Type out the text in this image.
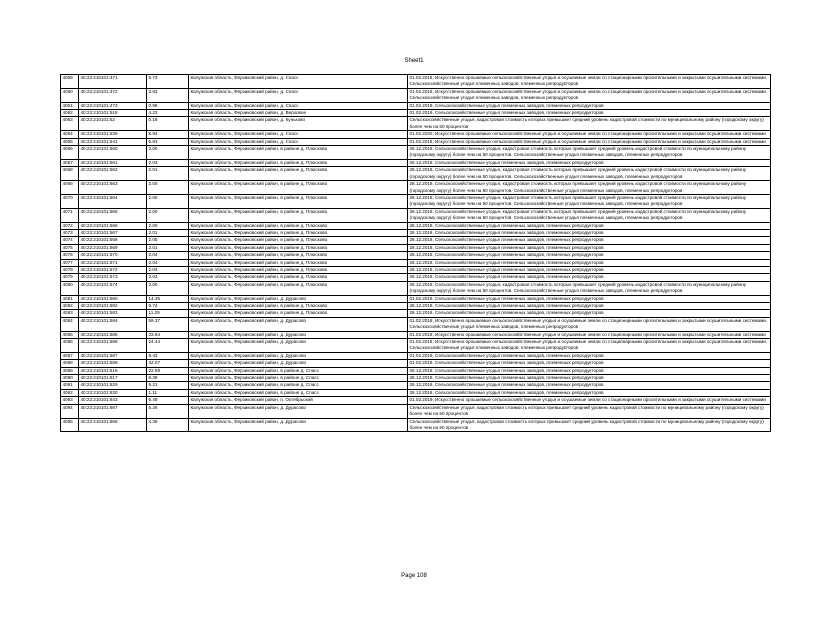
Sheet1
4059	40:22:210101:471	5.73	Калужская область, Ферзиковский район, д. Спасс	01.02.2018, Искусственно орошаемые сельскохозяйственные угодья и осушаемые земли со стационарными оросительными и закрытыми осушительными системами. Сельскохозяйственные угодья племенных заводов, племенных репродукторов
4060	40:22:210101:472	3.83	Калужская область, Ферзиковский район, д. Спасс	01.02.2018, Искусственно орошаемые сельскохозяйственные угодья и осушаемые земли со стационарными оросительными и закрытыми осушительными системами. Сельскохозяйственные угодья племенных заводов, племенных репродукторов
4061	40:22:210101:473	0.98	Калужская область, Ферзиковский район, д. Спасс	01.02.2019, Сельскохозяйственные угодья племенных заводов, племенных репродукторов
4062	40:22:210101:518	4.23	Калужская область, Ферзиковский район, д. Верховое	01.02.2019, Сельскохозяйственные угодья племенных заводов, племенных репродукторов
4063	40:22:210101:52	0.18	Калужская область, Ферзиковский район, д. Куньково	Сельскохозяйственные угодья, кадастровая стоимость которых превышает средний уровень кадастровой стоимости по муниципальному району (городскому округу) более чем на 50 процентов
4064	40:22:210101:539	8.94	Калужская область, Ферзиковский район, д. Спасс	01.02.2020, Искусственно орошаемые сельскохозяйственные угодья и осушаемые земли со стационарными оросительными и закрытыми осушительными системами
4065	40:22:210101:541	6.83	Калужская область, Ферзиковский район, д. Спасс	01.02.2018, Искусственно орошаемые сельскохозяйственные угодья и осушаемые земли со стационарными оросительными и закрытыми осушительными системами
4066	40:22:210101:560	2.00	Калужская область, Ферзиковский район, в районе д. Плюсково	28.12.2018, Сельскохозяйственные угодья, кадастровая стоимость которых превышает средний уровень кадастровой стоимости по муниципальному району (городскому округу) более чем на 50 процентов. Сельскохозяйственные угодья племенных заводов, племенных репродукторов
4067	40:22:210101:561	2.03	Калужская область, Ферзиковский район, в районе д. Плюсково	28.12.2018, Сельскохозяйственные угодья племенных заводов, племенных репродукторов
4068	40:22:210101:562	2.01	Калужская область, Ферзиковский район, в районе д. Плюсково	28.12.2018, Сельскохозяйственные угодья, кадастровая стоимость которых превышает средний уровень кадастровой стоимости по муниципальному району (городскому округу) более чем на 50 процентов. Сельскохозяйственные угодья племенных заводов, племенных репродукторов
4069	40:22:210101:563	2.00	Калужская область, Ферзиковский район, в районе д. Плюсково	28.12.2018, Сельскохозяйственные угодья, кадастровая стоимость которых превышает средний уровень кадастровой стоимости по муниципальному району (городскому округу) более чем на 50 процентов. Сельскохозяйственные угодья племенных заводов, племенных репродукторов
4070	40:22:210101:564	2.00	Калужская область, Ферзиковский район, в районе д. Плюсково	28.12.2018, Сельскохозяйственные угодья, кадастровая стоимость которых превышает средний уровень кадастровой стоимости по муниципальному району (городскому округу) более чем на 50 процентов. Сельскохозяйственные угодья племенных заводов, племенных репродукторов
4071	40:22:210101:565	2.00	Калужская область, Ферзиковский район, в районе д. Плюсково	28.12.2018, Сельскохозяйственные угодья, кадастровая стоимость которых превышает средний уровень кадастровой стоимости по муниципальному району (городскому округу) более чем на 50 процентов. Сельскохозяйственные угодья племенных заводов, племенных репродукторов
4072	40:22:210101:566	2.00	Калужская область, Ферзиковский район, в районе д. Плюсково	28.12.2018, Сельскохозяйственные угодья племенных заводов, племенных репродукторов
4073	40:22:210101:567	2.01	Калужская область, Ферзиковский район, в районе д. Плюсково	28.12.2018, Сельскохозяйственные угодья племенных заводов, племенных репродукторов
4074	40:22:210101:568	2.05	Калужская область, Ферзиковский район, в районе д. Плюсково	28.12.2018, Сельскохозяйственные угодья племенных заводов, племенных репродукторов
4075	40:22:210101:569	2.01	Калужская область, Ферзиковский район, в районе д. Плюсково	28.12.2018, Сельскохозяйственные угодья племенных заводов, племенных репродукторов
4076	40:22:210101:570	2.04	Калужская область, Ферзиковский район, в районе д. Плюсково	28.12.2018, Сельскохозяйственные угодья племенных заводов, племенных репродукторов
4077	40:22:210101:571	2.04	Калужская область, Ферзиковский район, в районе д. Плюсково	28.12.2018, Сельскохозяйственные угодья племенных заводов, племенных репродукторов
4078	40:22:210101:572	2.03	Калужская область, Ферзиковский район, в районе д. Плюсково	28.12.2018, Сельскохозяйственные угодья племенных заводов, племенных репродукторов
4079	40:22:210101:573	2.03	Калужская область, Ферзиковский район, в районе д. Плюсково	28.12.2018, Сельскохозяйственные угодья племенных заводов, племенных репродукторов
4080	40:22:210101:574	2.00	Калужская область, Ферзиковский район, в районе д. Плюсково	28.12.2018, Сельскохозяйственные угодья, кадастровая стоимость которых превышает средний уровень кадастровой стоимости по муниципальному району (городскому округу) более чем на 50 процентов. Сельскохозяйственные угодья племенных заводов, племенных репродукторов
4081	40:22:210101:580	14.35	Калужская область, Ферзиковский район, д. Дурасово	01.02.2019, Сельскохозяйственные угодья племенных заводов, племенных репродукторов
4082	40:22:210101:582	9.74	Калужская область, Ферзиковский район, в районе д. Плюсково	28.12.2018, Сельскохозяйственные угодья племенных заводов, племенных репродукторов
4083	40:22:210101:583	11.29	Калужская область, Ферзиковский район, в районе д. Плюсково	28.12.2018, Сельскохозяйственные угодья племенных заводов, племенных репродукторов
4084	40:22:210101:584	59.37	Калужская область, Ферзиковский район, д. Дурасово	01.02.2018, Искусственно орошаемые сельскохозяйственные угодья и осушаемые земли со стационарными оросительными и закрытыми осушительными системами. Сельскохозяйственные угодья племенных заводов, племенных репродукторов
4085	40:22:210101:585	33.64	Калужская область, Ферзиковский район, д. Дурасово	01.02.2018, Искусственно орошаемые сельскохозяйственные угодья и осушаемые земли со стационарными оросительными и закрытыми осушительными системами
4086	40:22:210101:586	24.44	Калужская область, Ферзиковский район, д. Дурасово	01.02.2018, Искусственно орошаемые сельскохозяйственные угодья и осушаемые земли со стационарными оросительными и закрытыми осушительными системами. Сельскохозяйственные угодья племенных заводов, племенных репродукторов
4087	40:22:210101:587	9.42	Калужская область, Ферзиковский район, д. Дурасово	01.02.2019, Сельскохозяйственные угодья племенных заводов, племенных репродукторов
4088	40:22:210101:589	42.07	Калужская область, Ферзиковский район, д. Дурасово	01.02.2019, Сельскохозяйственные угодья племенных заводов, племенных репродукторов
4089	40:22:210101:616	22.59	Калужская область, Ферзиковский район, в районе д. Спасс	28.12.2018, Сельскохозяйственные угодья племенных заводов, племенных репродукторов
4090	40:22:210101:617	8.38	Калужская область, Ферзиковский район, в районе д. Спасс	28.12.2018, Сельскохозяйственные угодья племенных заводов, племенных репродукторов
4091	40:22:210101:629	9.21	Калужская область, Ферзиковский район, в районе д. Спасс	28.12.2018, Сельскохозяйственные угодья племенных заводов, племенных репродукторов
4092	40:22:210101:630	1.11	Калужская область, Ферзиковский район, в районе д. Спасс	28.12.2018, Сельскохозяйственные угодья племенных заводов, племенных репродукторов
4093	40:22:210101:643	6.49	Калужская область, Ферзиковский район, п. Октябрьский	01.02.2019, Искусственно орошаемые сельскохозяйственные угодья и осушаемые земли со стационарными оросительными и закрытыми осушительными системами
4094	40:22:210101:667	5.26	Калужская область, Ферзиковский район, д. Дурасово	Сельскохозяйственные угодья, кадастровая стоимость которых превышает средний уровень кадастровой стоимости по муниципальному району (городскому округу) более чем на 50 процентов
4095	40:22:210101:668	4.35	Калужская область, Ферзиковский район, д. Дурасово	Сельскохозяйственные угодья, кадастровая стоимость которых превышает средний уровень кадастровой стоимости по муниципальному району (городскому округу) более чем на 50 процентов
Page 108
